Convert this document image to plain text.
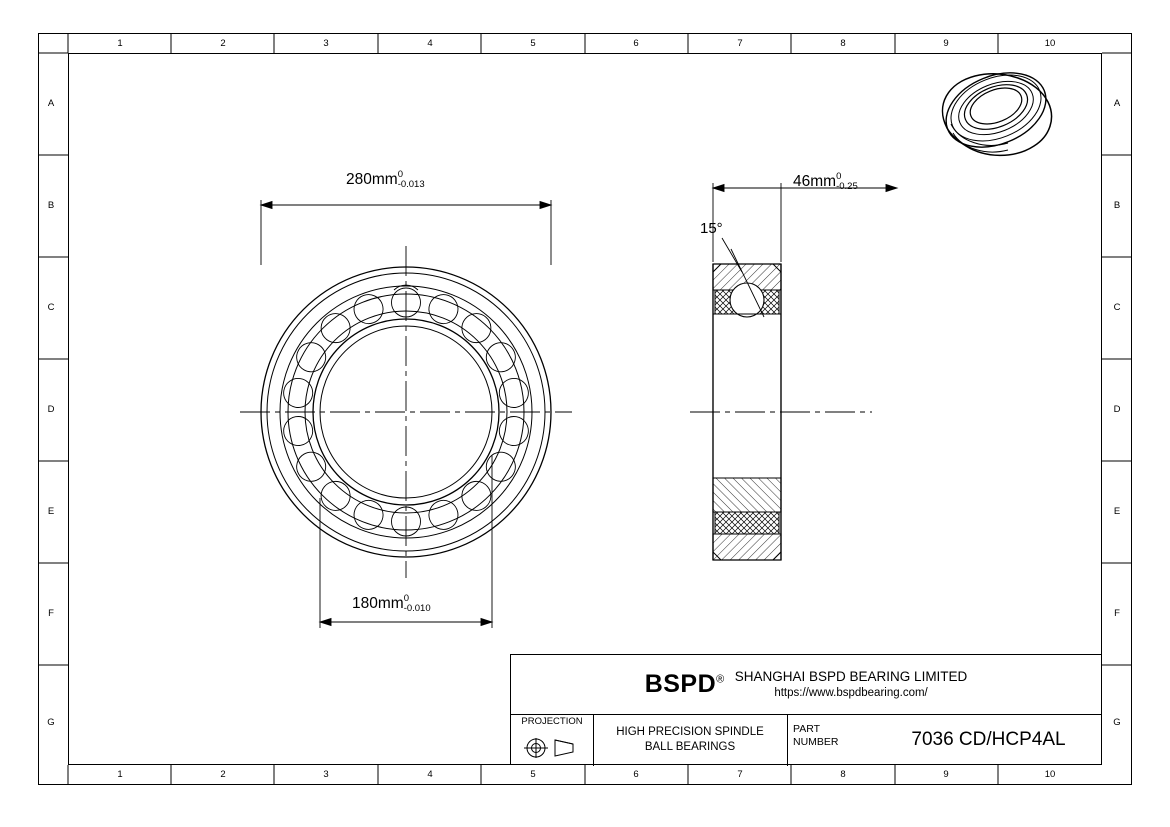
1	2	3	4	5	6	7	8	9	10
1	2	3	4	5	6	7	8	9	10
A
B
C
D
E
F
G
A
B
C
D
E
F
G
280mm 0
-0.013
180mm 0
-0.010
46mm 0
-0.25
15°
BSPD® SHANGHAI BSPD BEARING LIMITED
https://www.bspdbearing.com/
PROJECTION
HIGH PRECISION SPINDLE
BALL BEARINGS
PART
NUMBER	7036 CD/HCP4AL
